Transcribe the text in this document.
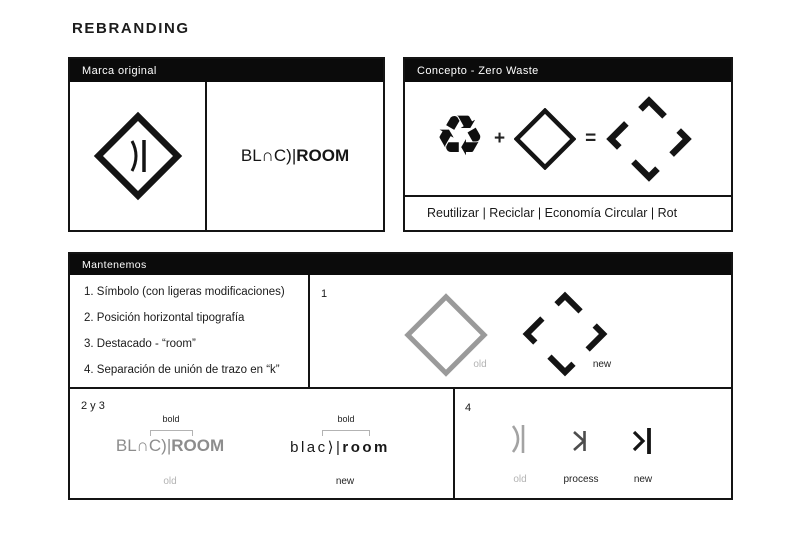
REBRANDING
Marca original
BL∩C)|ROOM
Concepto - Zero Waste
♻ +	=
Reutilizar | Reciclar | Economía Circular | Rot
Mantenemos
1. Símbolo (con ligeras modificaciones)
2. Posición horizontal tipografía
3. Destacado - “room”
4. Separación de unión de trazo en “k”
1
old	new
2 y 3
bold
BL∩C)|ROOM
old
bold
blac⟩|room
new
4
old	process	new
